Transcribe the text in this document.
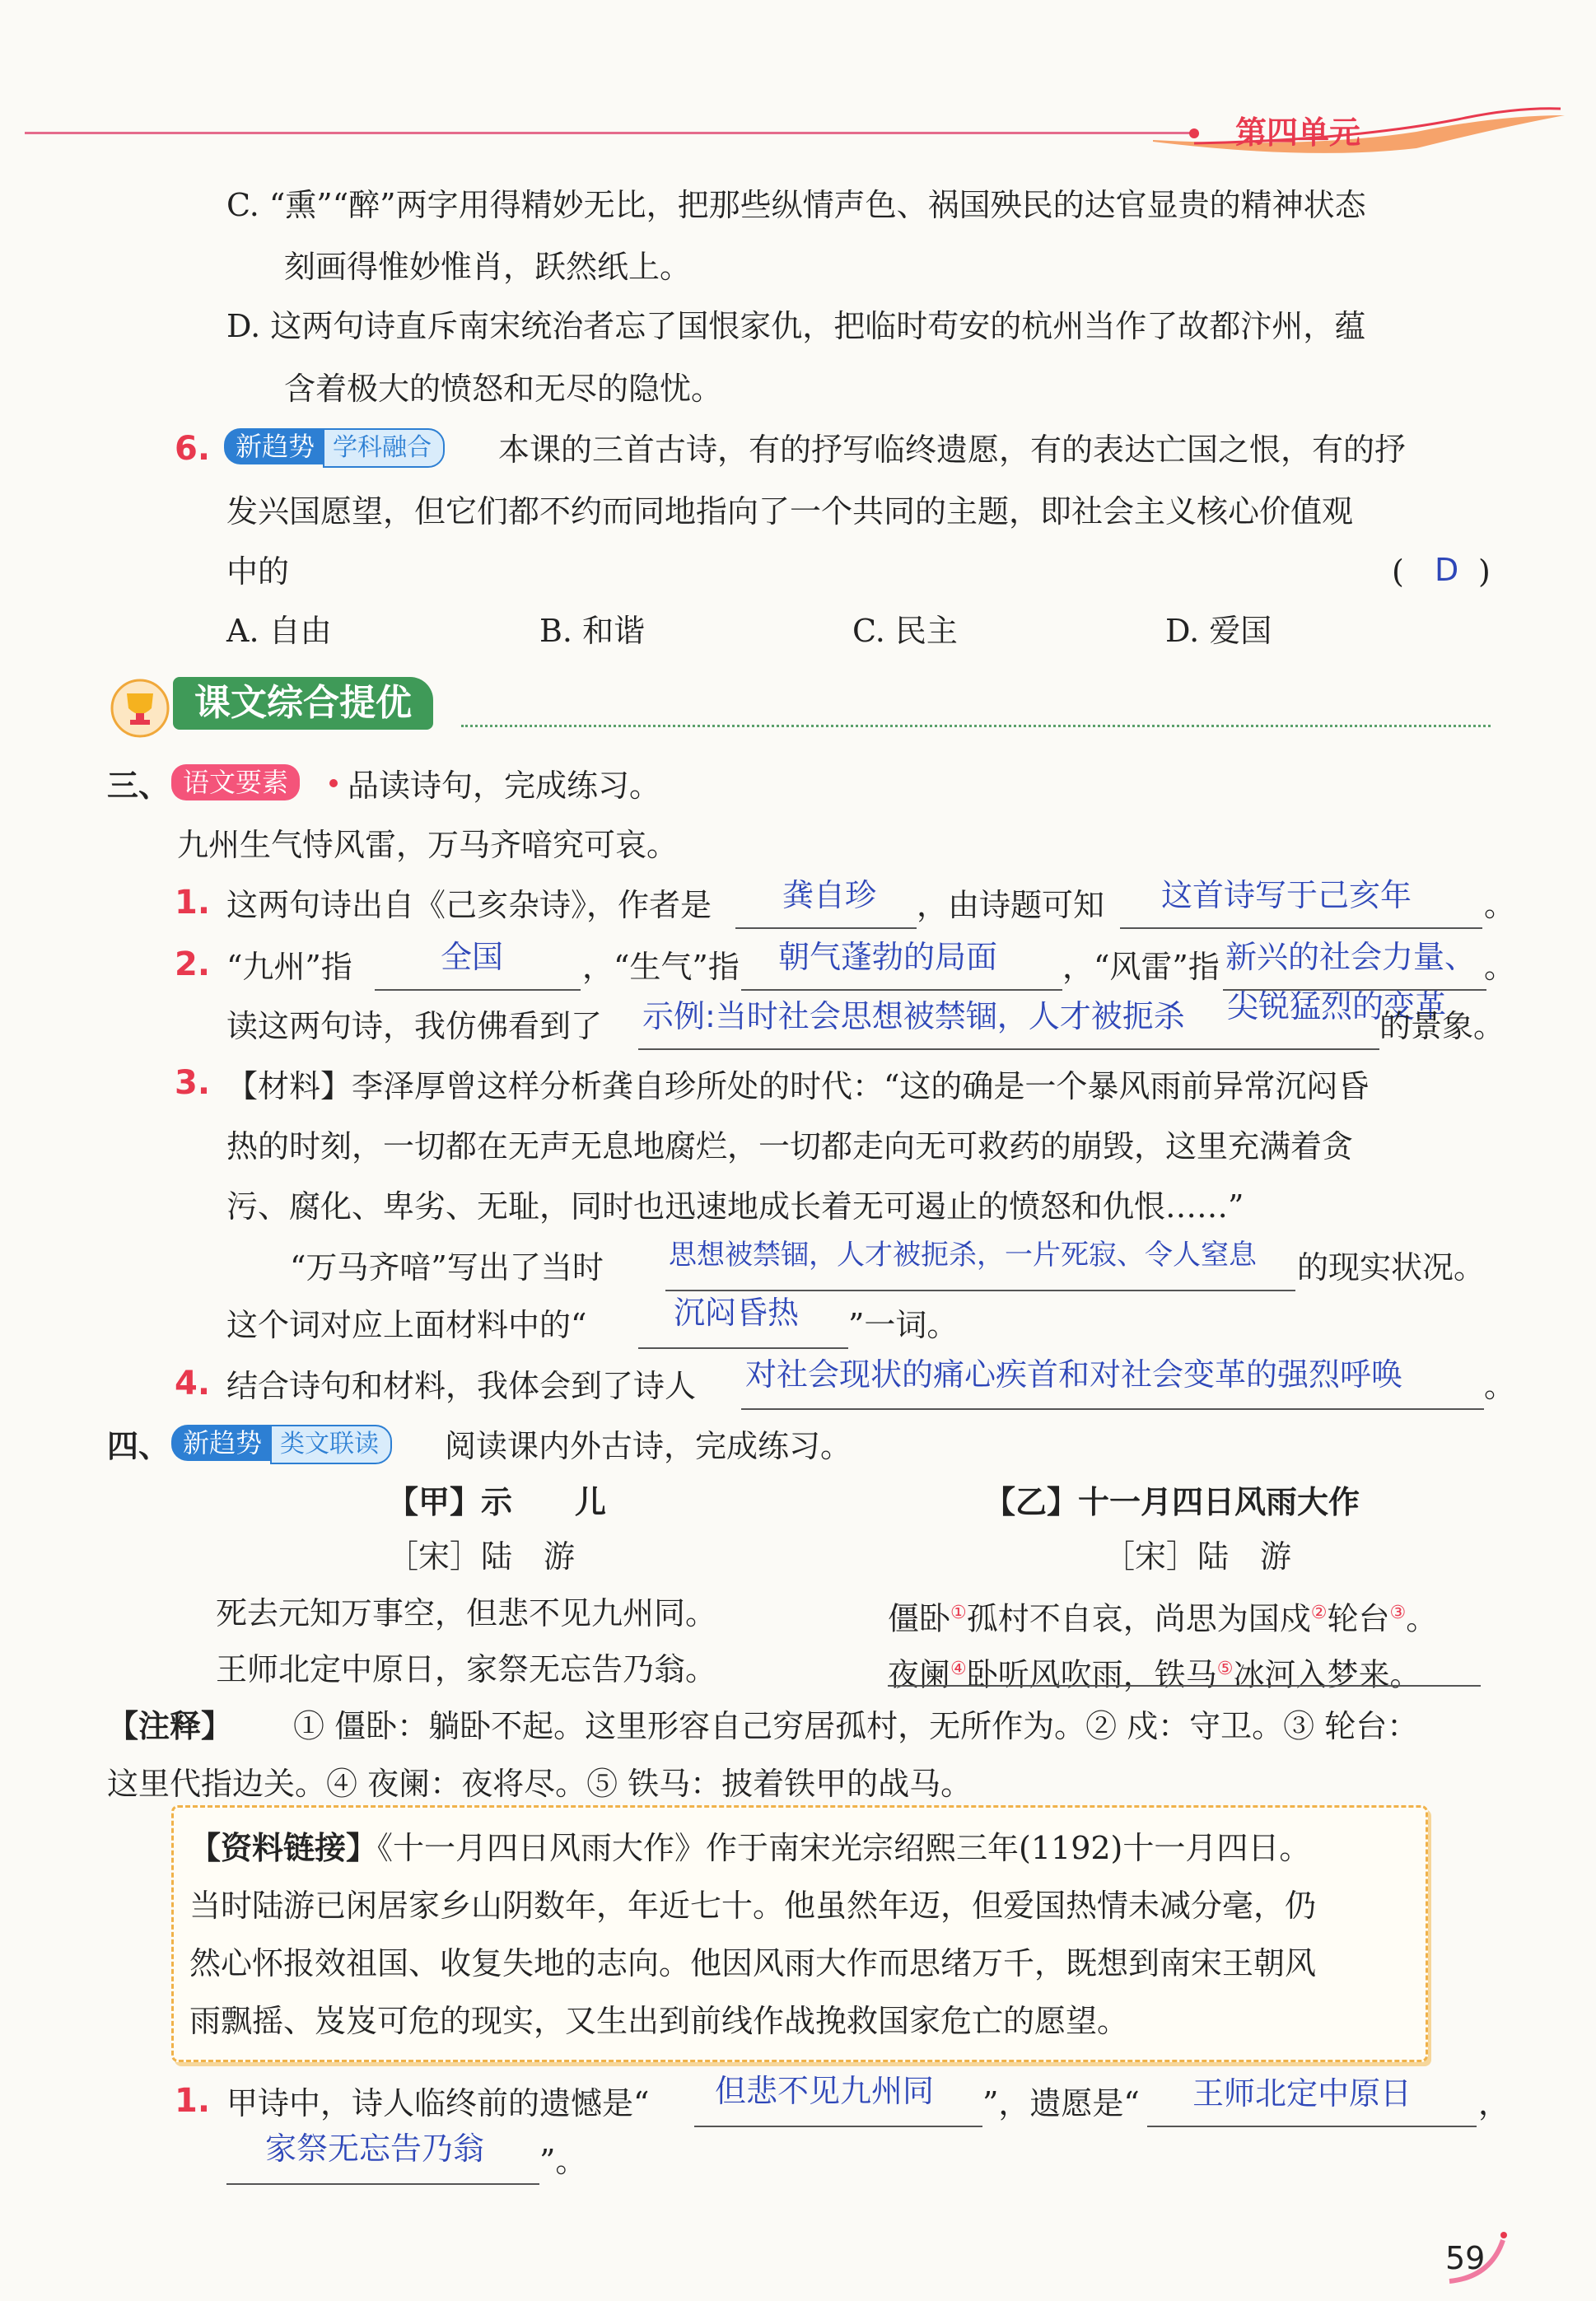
第四单元
C. “熏”“醉”两字用得精妙无比，把那些纵情声色、祸国殃民的达官显贵的精神状态
刻画得惟妙惟肖，跃然纸上。
D. 这两句诗直斥南宋统治者忘了国恨家仇，把临时苟安的杭州当作了故都汴州，蕴
含着极大的愤怒和无尽的隐忧。
6. 新趋势 学科融合	本课的三首古诗，有的抒写临终遗愿，有的表达亡国之恨，有的抒
发兴国愿望，但它们都不约而同地指向了一个共同的主题，即社会主义核心价值观
中的	( D )
A. 自由	B. 和谐	C. 民主	D. 爱国
课文综合提优
三、 语文要素	品读诗句，完成练习。
九州生气恃风雷，万马齐喑究可哀。
1. 这两句诗出自《己亥杂诗》，作者是 龚自珍 ，由诗题可知 这首诗写于己亥年 。
2. “九州”指	全国	，“生气”指 朝气蓬勃的局面 ，“风雷”指 新兴的社会力量、 。
读这两句诗，我仿佛看到了 示例:当时社会思想被禁锢，人才被扼杀 尖锐猛烈的变革
的景象。
3. 【材料】李泽厚曾这样分析龚自珍所处的时代：“这的确是一个暴风雨前异常沉闷昏
热的时刻，一切都在无声无息地腐烂，一切都走向无可救药的崩毁，这里充满着贪
污、腐化、卑劣、无耻，同时也迅速地成长着无可遏止的愤怒和仇恨……”
“万马齐喑”写出了当时 思想被禁锢，人才被扼杀，一片死寂、令人窒息 的现实状况。
这个词对应上面材料中的“	沉闷昏热 ”一词。
4. 结合诗句和材料，我体会到了诗人 对社会现状的痛心疾首和对社会变革的强烈呼唤	。
四、 新趋势 类文联读	阅读课内外古诗，完成练习。
【甲】示　　儿
［宋］陆　游
死去元知万事空，但悲不见九州同。
王师北定中原日，家祭无忘告乃翁。
【乙】十一月四日风雨大作
［宋］陆　游
僵卧①孤村不自哀，尚思为国戍②轮台③。
夜阑④卧听风吹雨，铁马⑤冰河入梦来。
【注释】 ① 僵卧：躺卧不起。这里形容自己穷居孤村，无所作为。② 戍：守卫。③ 轮台：
这里代指边关。④ 夜阑：夜将尽。⑤ 铁马：披着铁甲的战马。
【资料链接】《十一月四日风雨大作》作于南宋光宗绍熙三年(1192)十一月四日。
当时陆游已闲居家乡山阴数年，年近七十。他虽然年迈，但爱国热情未减分毫，仍
然心怀报效祖国、收复失地的志向。他因风雨大作而思绪万千，既想到南宋王朝风
雨飘摇、岌岌可危的现实，又生出到前线作战挽救国家危亡的愿望。
1. 甲诗中，诗人临终前的遗憾是“ 但悲不见九州同 ”，遗愿是“ 王师北定中原日 ，
家祭无忘告乃翁 ”。
59
